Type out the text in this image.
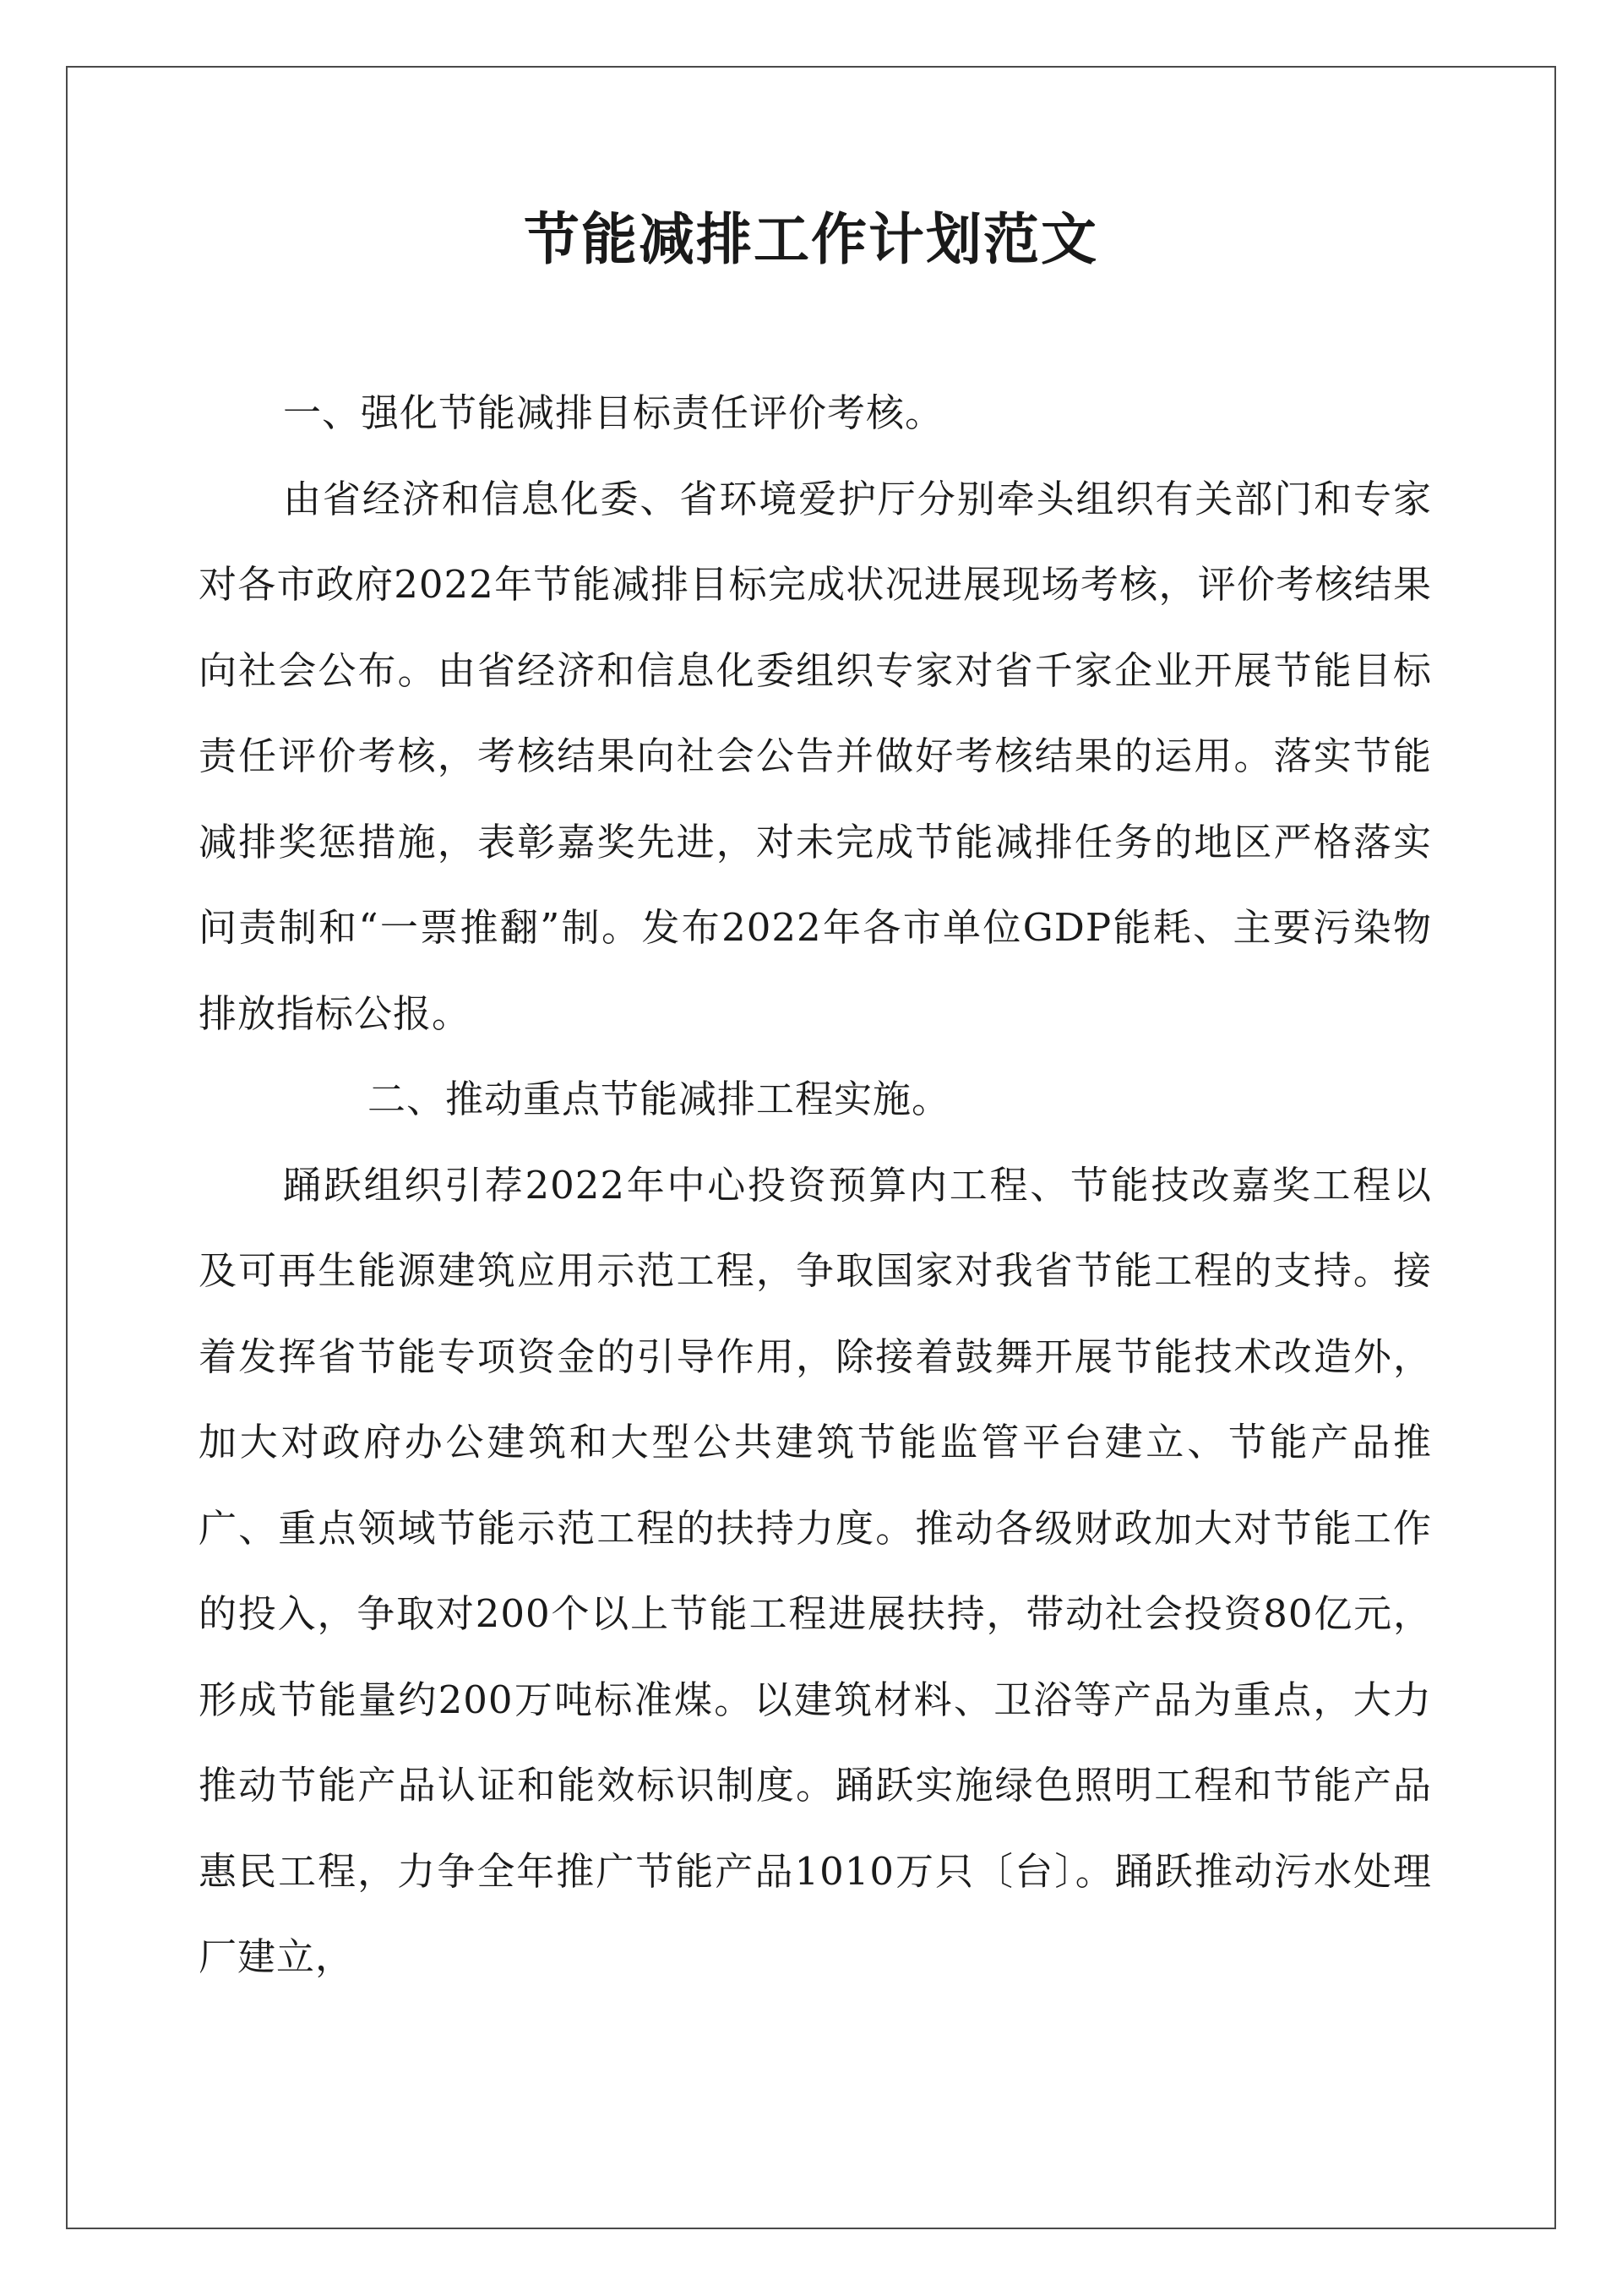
节能减排工作计划范文

一、强化节能减排目标责任评价考核。

由省经济和信息化委、省环境爱护厅分别牵头组织有关部门和专家对各市政府2022年节能减排目标完成状况进展现场考核，评价考核结果向社会公布。由省经济和信息化委组织专家对省千家企业开展节能目标责任评价考核，考核结果向社会公告并做好考核结果的运用。落实节能减排奖惩措施，表彰嘉奖先进，对未完成节能减排任务的地区严格落实问责制和“一票推翻”制。发布2022年各市单位GDP能耗、主要污染物排放指标公报。

二、推动重点节能减排工程实施。

踊跃组织引荐2022年中心投资预算内工程、节能技改嘉奖工程以及可再生能源建筑应用示范工程，争取国家对我省节能工程的支持。接着发挥省节能专项资金的引导作用，除接着鼓舞开展节能技术改造外，加大对政府办公建筑和大型公共建筑节能监管平台建立、节能产品推广、重点领域节能示范工程的扶持力度。推动各级财政加大对节能工作的投入，争取对200个以上节能工程进展扶持，带动社会投资80亿元，形成节能量约200万吨标准煤。以建筑材料、卫浴等产品为重点，大力推动节能产品认证和能效标识制度。踊跃实施绿色照明工程和节能产品惠民工程，力争全年推广节能产品1010万只〔台〕。踊跃推动污水处理厂建立，
